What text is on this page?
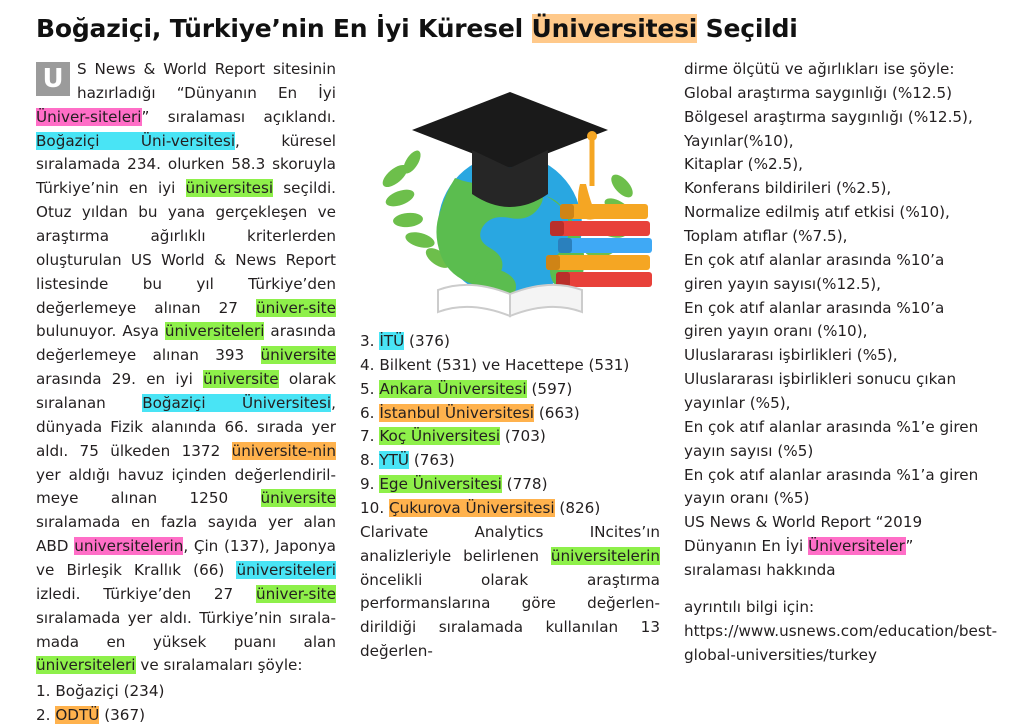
Boğaziçi, Türkiye’nin En İyi Küresel Üniversitesi Seçildi

U S News & World Report sitesinin hazırladığı “Dünyanın En İyi Üniver-siteleri” sıralaması açıklandı. Boğaziçi Üni-versitesi, küresel sıralamada 234. olurken 58.3 skoruyla Türkiye’nin en iyi üniversitesi seçildi. Otuz yıldan bu yana gerçekleşen ve araştırma ağırlıklı kriterlerden oluşturulan US World & News Report listesinde bu yıl Türkiye’den değerlemeye alınan 27 üniver-site bulunuyor. Asya üniversiteleri arasında değerlemeye alınan 393 üniversite arasında 29. en iyi üniversite olarak sıralanan Boğaziçi Üniversitesi, dünyada Fizik alanında 66. sırada yer aldı. 75 ülkeden 1372 üniversite-nin yer aldığı havuz içinden değerlendiril-meye alınan 1250 üniversite sıralamada en fazla sayıda yer alan ABD universitelerin, Çin (137), Japonya ve Birleşik Krallık (66) üniversiteleri izledi. Türkiye’den 27 üniver-site sıralamada yer aldı. Türkiye’nin sırala-mada en yüksek puanı alan üniversiteleri ve sıralamaları şöyle:

1. Boğaziçi (234)

2. ODTÜ (367)

3. İTÜ (376)

4. Bilkent (531) ve Hacettepe (531)

5. Ankara Üniversitesi (597)

6. İstanbul Üniversitesi (663)

7. Koç Üniversitesi (703)

8. YTÜ (763)

9. Ege Üniversitesi (778)

10. Çukurova Üniversitesi (826)

Clarivate Analytics INcites’ın analizleriyle belirlenen üniversitelerin öncelikli olarak araştırma performanslarına göre değerlen-dirildiği sıralamada kullanılan 13 değerlen-

dirme ölçütü ve ağırlıkları ise şöyle:

Global araştırma saygınlığı (%12.5)

Bölgesel araştırma saygınlığı (%12.5),

Yayınlar(%10),

Kitaplar (%2.5),

Konferans bildirileri (%2.5),

Normalize edilmiş atıf etkisi (%10),

Toplam atıflar (%7.5),

En çok atıf alanlar arasında %10’a giren yayın sayısı(%12.5),

En çok atıf alanlar arasında %10’a giren yayın oranı (%10),

Uluslararası işbirlikleri (%5),

Uluslararası işbirlikleri sonucu çıkan yayınlar (%5),

En çok atıf alanlar arasında %1’e giren yayın sayısı (%5)

En çok atıf alanlar arasında %1’a giren yayın oranı (%5)

US News & World Report “2019 Dünyanın En İyi Üniversiteler” sıralaması hakkında

ayrıntılı bilgi için: https://www.usnews.com/education/best-global-universities/turkey
